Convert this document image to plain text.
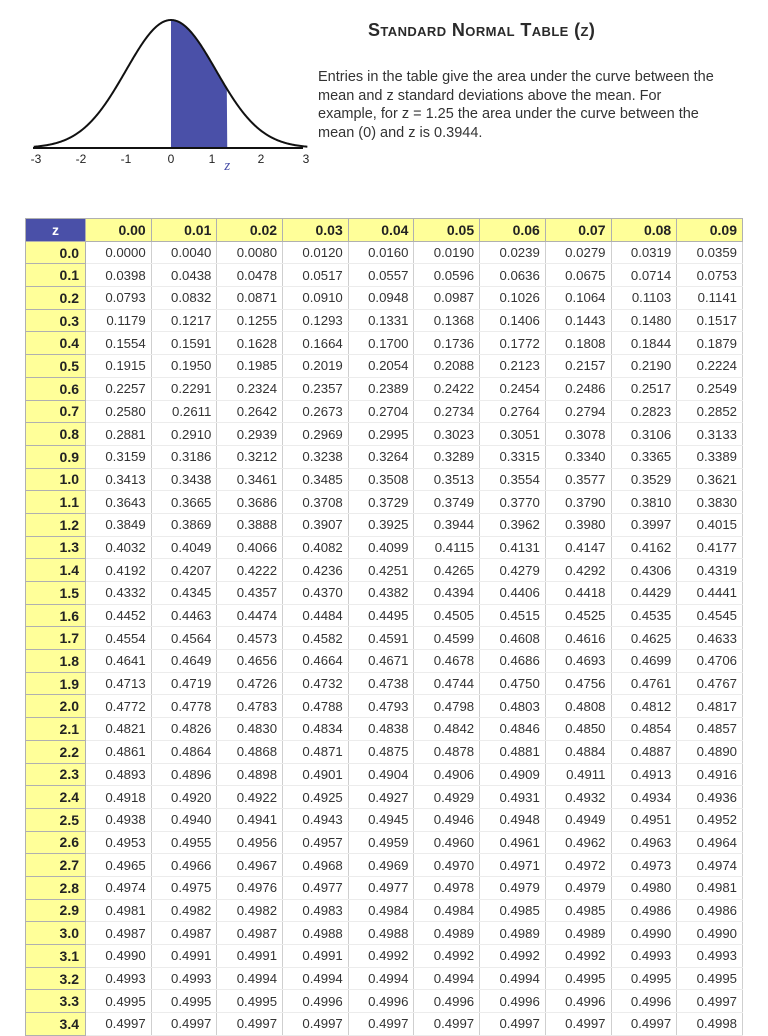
-3	-2	-1	0	1	2	3
z
Standard Normal Table (z)

Entries in the table give the area under the curve between the mean and z standard deviations above the mean. For example, for z = 1.25 the area under the curve between the mean (0) and z is 0.3944.

z	0.00	0.01	0.02	0.03	0.04	0.05	0.06	0.07	0.08	0.09
0.0	0.0000	0.0040	0.0080	0.0120	0.0160	0.0190	0.0239	0.0279	0.0319	0.0359
0.1	0.0398	0.0438	0.0478	0.0517	0.0557	0.0596	0.0636	0.0675	0.0714	0.0753
0.2	0.0793	0.0832	0.0871	0.0910	0.0948	0.0987	0.1026	0.1064	0.1103	0.1141
0.3	0.1179	0.1217	0.1255	0.1293	0.1331	0.1368	0.1406	0.1443	0.1480	0.1517
0.4	0.1554	0.1591	0.1628	0.1664	0.1700	0.1736	0.1772	0.1808	0.1844	0.1879
0.5	0.1915	0.1950	0.1985	0.2019	0.2054	0.2088	0.2123	0.2157	0.2190	0.2224
0.6	0.2257	0.2291	0.2324	0.2357	0.2389	0.2422	0.2454	0.2486	0.2517	0.2549
0.7	0.2580	0.2611	0.2642	0.2673	0.2704	0.2734	0.2764	0.2794	0.2823	0.2852
0.8	0.2881	0.2910	0.2939	0.2969	0.2995	0.3023	0.3051	0.3078	0.3106	0.3133
0.9	0.3159	0.3186	0.3212	0.3238	0.3264	0.3289	0.3315	0.3340	0.3365	0.3389
1.0	0.3413	0.3438	0.3461	0.3485	0.3508	0.3513	0.3554	0.3577	0.3529	0.3621
1.1	0.3643	0.3665	0.3686	0.3708	0.3729	0.3749	0.3770	0.3790	0.3810	0.3830
1.2	0.3849	0.3869	0.3888	0.3907	0.3925	0.3944	0.3962	0.3980	0.3997	0.4015
1.3	0.4032	0.4049	0.4066	0.4082	0.4099	0.4115	0.4131	0.4147	0.4162	0.4177
1.4	0.4192	0.4207	0.4222	0.4236	0.4251	0.4265	0.4279	0.4292	0.4306	0.4319
1.5	0.4332	0.4345	0.4357	0.4370	0.4382	0.4394	0.4406	0.4418	0.4429	0.4441
1.6	0.4452	0.4463	0.4474	0.4484	0.4495	0.4505	0.4515	0.4525	0.4535	0.4545
1.7	0.4554	0.4564	0.4573	0.4582	0.4591	0.4599	0.4608	0.4616	0.4625	0.4633
1.8	0.4641	0.4649	0.4656	0.4664	0.4671	0.4678	0.4686	0.4693	0.4699	0.4706
1.9	0.4713	0.4719	0.4726	0.4732	0.4738	0.4744	0.4750	0.4756	0.4761	0.4767
2.0	0.4772	0.4778	0.4783	0.4788	0.4793	0.4798	0.4803	0.4808	0.4812	0.4817
2.1	0.4821	0.4826	0.4830	0.4834	0.4838	0.4842	0.4846	0.4850	0.4854	0.4857
2.2	0.4861	0.4864	0.4868	0.4871	0.4875	0.4878	0.4881	0.4884	0.4887	0.4890
2.3	0.4893	0.4896	0.4898	0.4901	0.4904	0.4906	0.4909	0.4911	0.4913	0.4916
2.4	0.4918	0.4920	0.4922	0.4925	0.4927	0.4929	0.4931	0.4932	0.4934	0.4936
2.5	0.4938	0.4940	0.4941	0.4943	0.4945	0.4946	0.4948	0.4949	0.4951	0.4952
2.6	0.4953	0.4955	0.4956	0.4957	0.4959	0.4960	0.4961	0.4962	0.4963	0.4964
2.7	0.4965	0.4966	0.4967	0.4968	0.4969	0.4970	0.4971	0.4972	0.4973	0.4974
2.8	0.4974	0.4975	0.4976	0.4977	0.4977	0.4978	0.4979	0.4979	0.4980	0.4981
2.9	0.4981	0.4982	0.4982	0.4983	0.4984	0.4984	0.4985	0.4985	0.4986	0.4986
3.0	0.4987	0.4987	0.4987	0.4988	0.4988	0.4989	0.4989	0.4989	0.4990	0.4990
3.1	0.4990	0.4991	0.4991	0.4991	0.4992	0.4992	0.4992	0.4992	0.4993	0.4993
3.2	0.4993	0.4993	0.4994	0.4994	0.4994	0.4994	0.4994	0.4995	0.4995	0.4995
3.3	0.4995	0.4995	0.4995	0.4996	0.4996	0.4996	0.4996	0.4996	0.4996	0.4997
3.4	0.4997	0.4997	0.4997	0.4997	0.4997	0.4997	0.4997	0.4997	0.4997	0.4998
